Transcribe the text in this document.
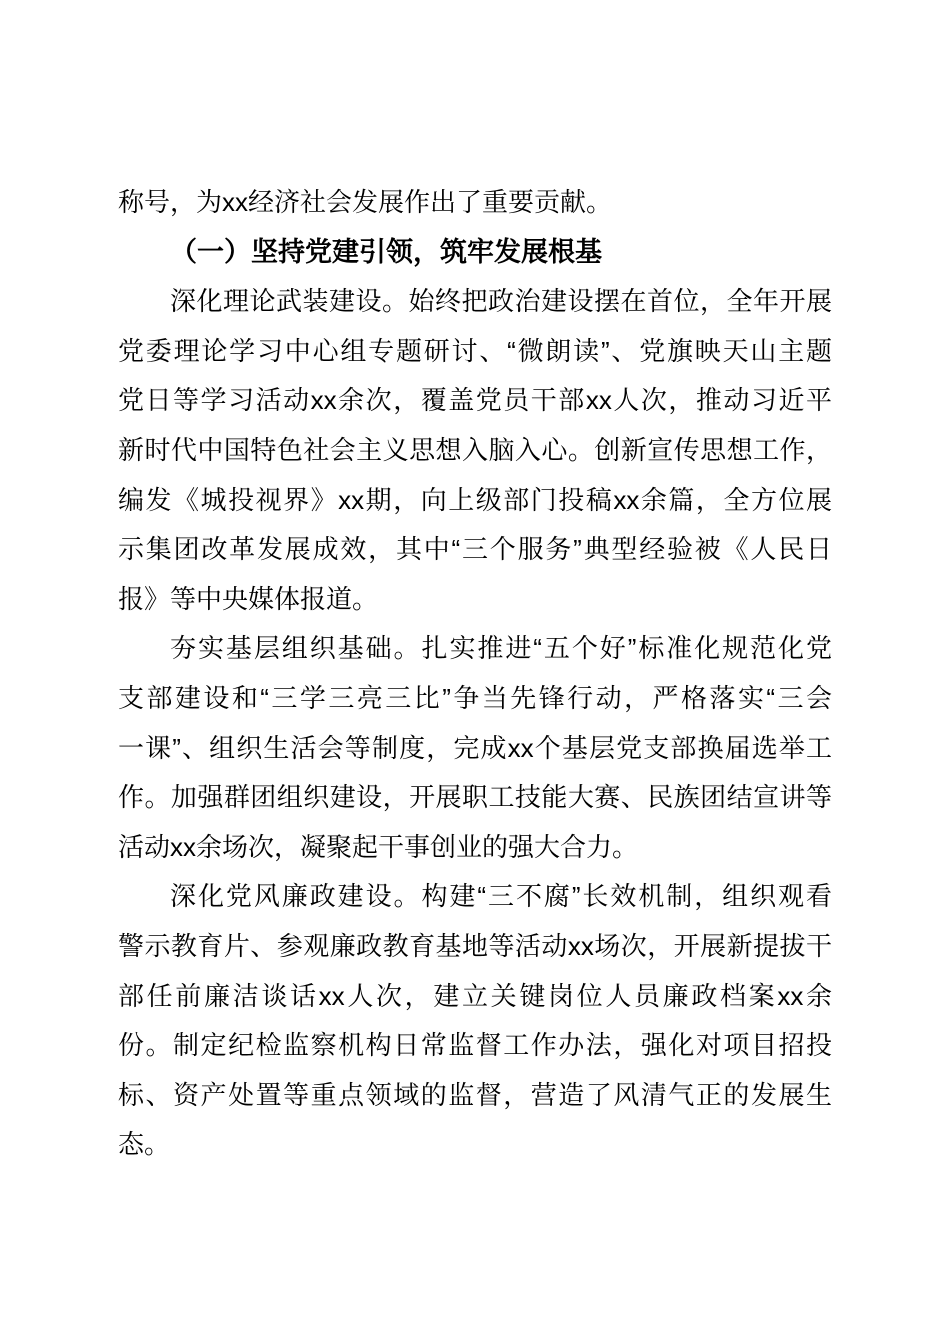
称号，为xx经济社会发展作出了重要贡献。
（一）坚持党建引领，筑牢发展根基
深化理论武装建设。始终把政治建设摆在首位，全年开展
党委理论学习中心组专题研讨、“微朗读”、党旗映天山主题
党日等学习活动xx余次，覆盖党员干部xx人次，推动习近平
新时代中国特色社会主义思想入脑入心。创新宣传思想工作，
编发《城投视界》xx期，向上级部门投稿xx余篇，全方位展
示集团改革发展成效，其中“三个服务”典型经验被《人民日
报》等中央媒体报道。
夯实基层组织基础。扎实推进“五个好”标准化规范化党
支部建设和“三学三亮三比”争当先锋行动，严格落实“三会
一课”、组织生活会等制度，完成xx个基层党支部换届选举工
作。加强群团组织建设，开展职工技能大赛、民族团结宣讲等
活动xx余场次，凝聚起干事创业的强大合力。
深化党风廉政建设。构建“三不腐”长效机制，组织观看
警示教育片、参观廉政教育基地等活动xx场次，开展新提拔干
部任前廉洁谈话xx人次，建立关键岗位人员廉政档案xx余
份。制定纪检监察机构日常监督工作办法，强化对项目招投
标、资产处置等重点领域的监督，营造了风清气正的发展生
态。
